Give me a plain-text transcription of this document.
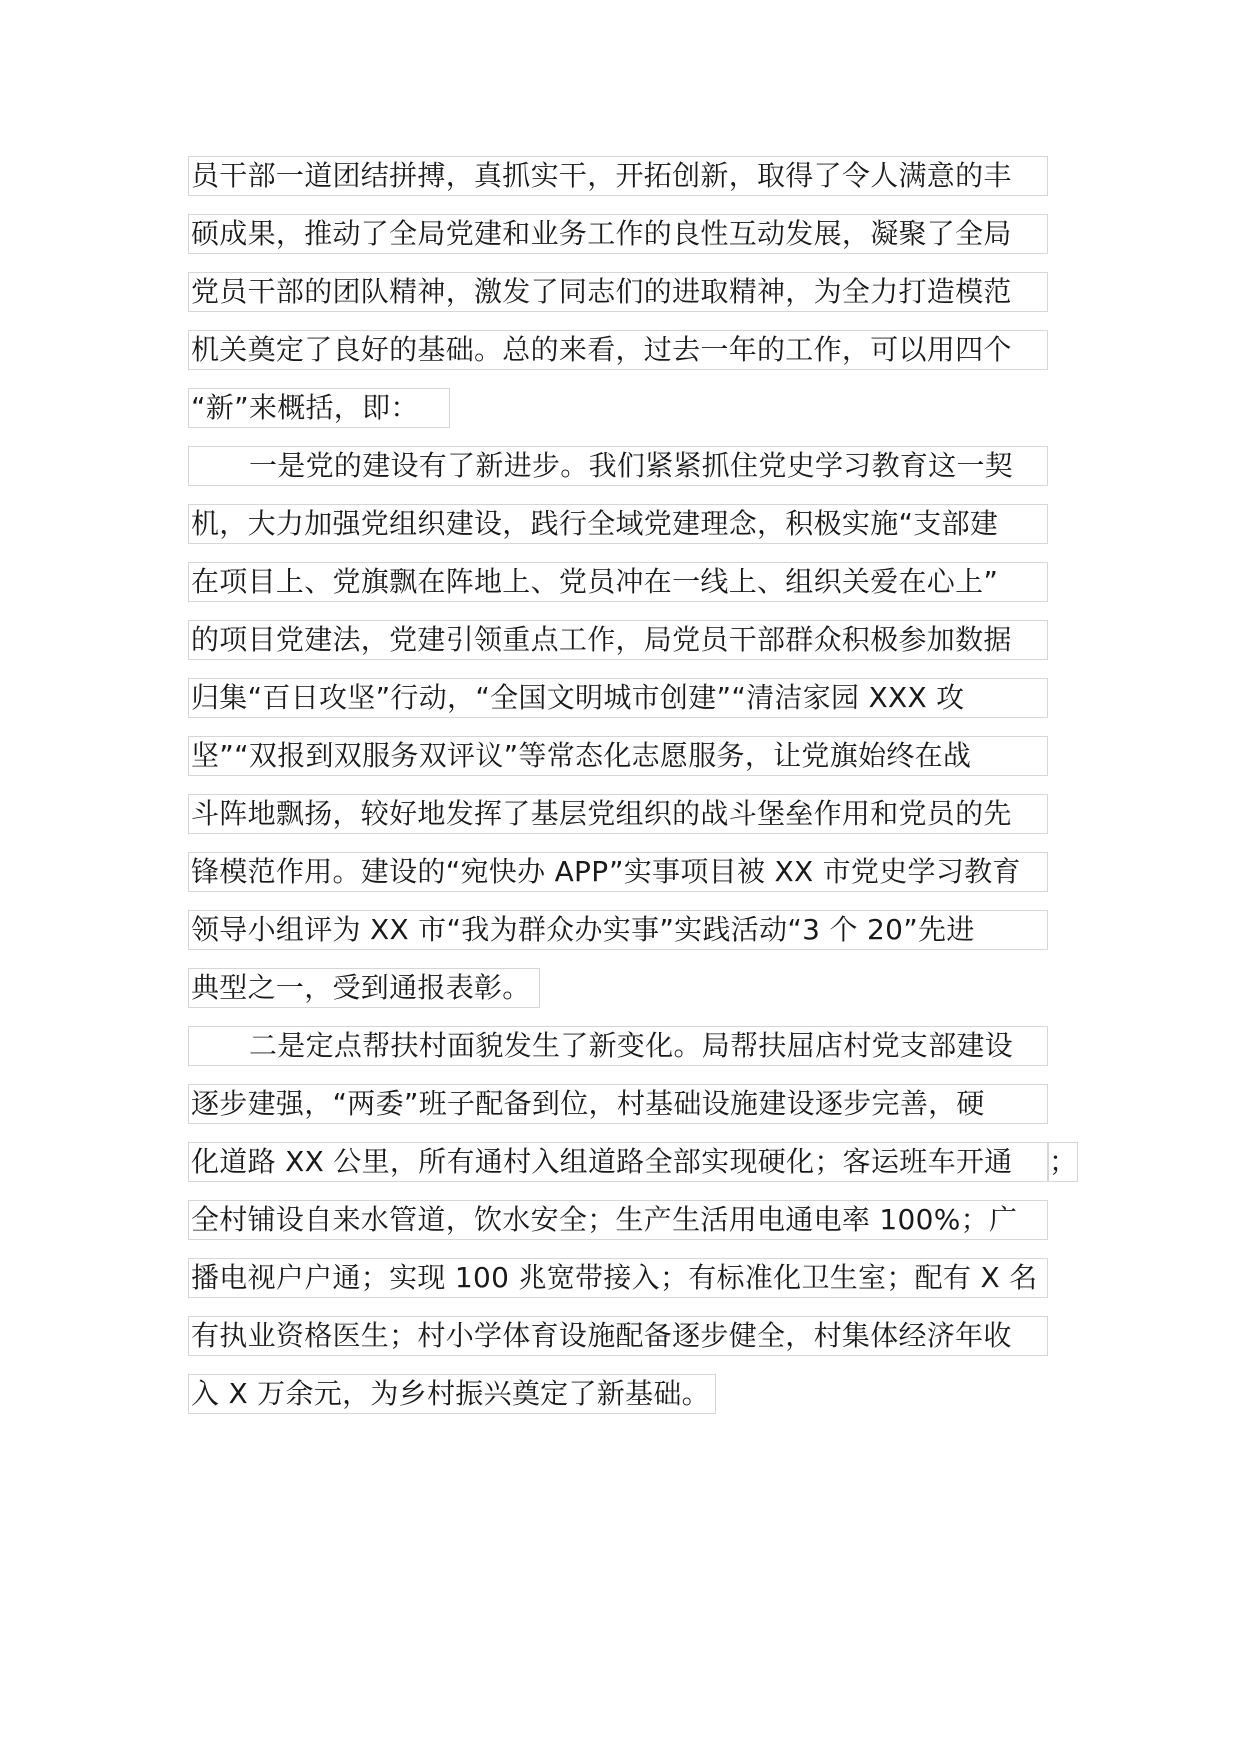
员干部一道团结拼搏，真抓实干，开拓创新，取得了令人满意的丰
硕成果，推动了全局党建和业务工作的良性互动发展，凝聚了全局
党员干部的团队精神，激发了同志们的进取精神，为全力打造模范
机关奠定了良好的基础。总的来看，过去一年的工作，可以用四个
“新”来概括，即：
一是党的建设有了新进步。我们紧紧抓住党史学习教育这一契
机，大力加强党组织建设，践行全域党建理念，积极实施“支部建
在项目上、党旗飘在阵地上、党员冲在一线上、组织关爱在心上”
的项目党建法，党建引领重点工作，局党员干部群众积极参加数据
归集“百日攻坚”行动，“全国文明城市创建”“清洁家园 XXX 攻
坚”“双报到双服务双评议”等常态化志愿服务，让党旗始终在战
斗阵地飘扬，较好地发挥了基层党组织的战斗堡垒作用和党员的先
锋模范作用。建设的“宛快办 APP”实事项目被 XX 市党史学习教育
领导小组评为 XX 市“我为群众办实事”实践活动“3 个 20”先进
典型之一，受到通报表彰。
二是定点帮扶村面貌发生了新变化。局帮扶屈店村党支部建设
逐步建强，“两委”班子配备到位，村基础设施建设逐步完善，硬
化道路 XX 公里，所有通村入组道路全部实现硬化；客运班车开通	；
全村铺设自来水管道，饮水安全；生产生活用电通电率 100%；广
播电视户户通；实现 100 兆宽带接入；有标准化卫生室；配有 X 名
有执业资格医生；村小学体育设施配备逐步健全，村集体经济年收
入 X 万余元，为乡村振兴奠定了新基础。
